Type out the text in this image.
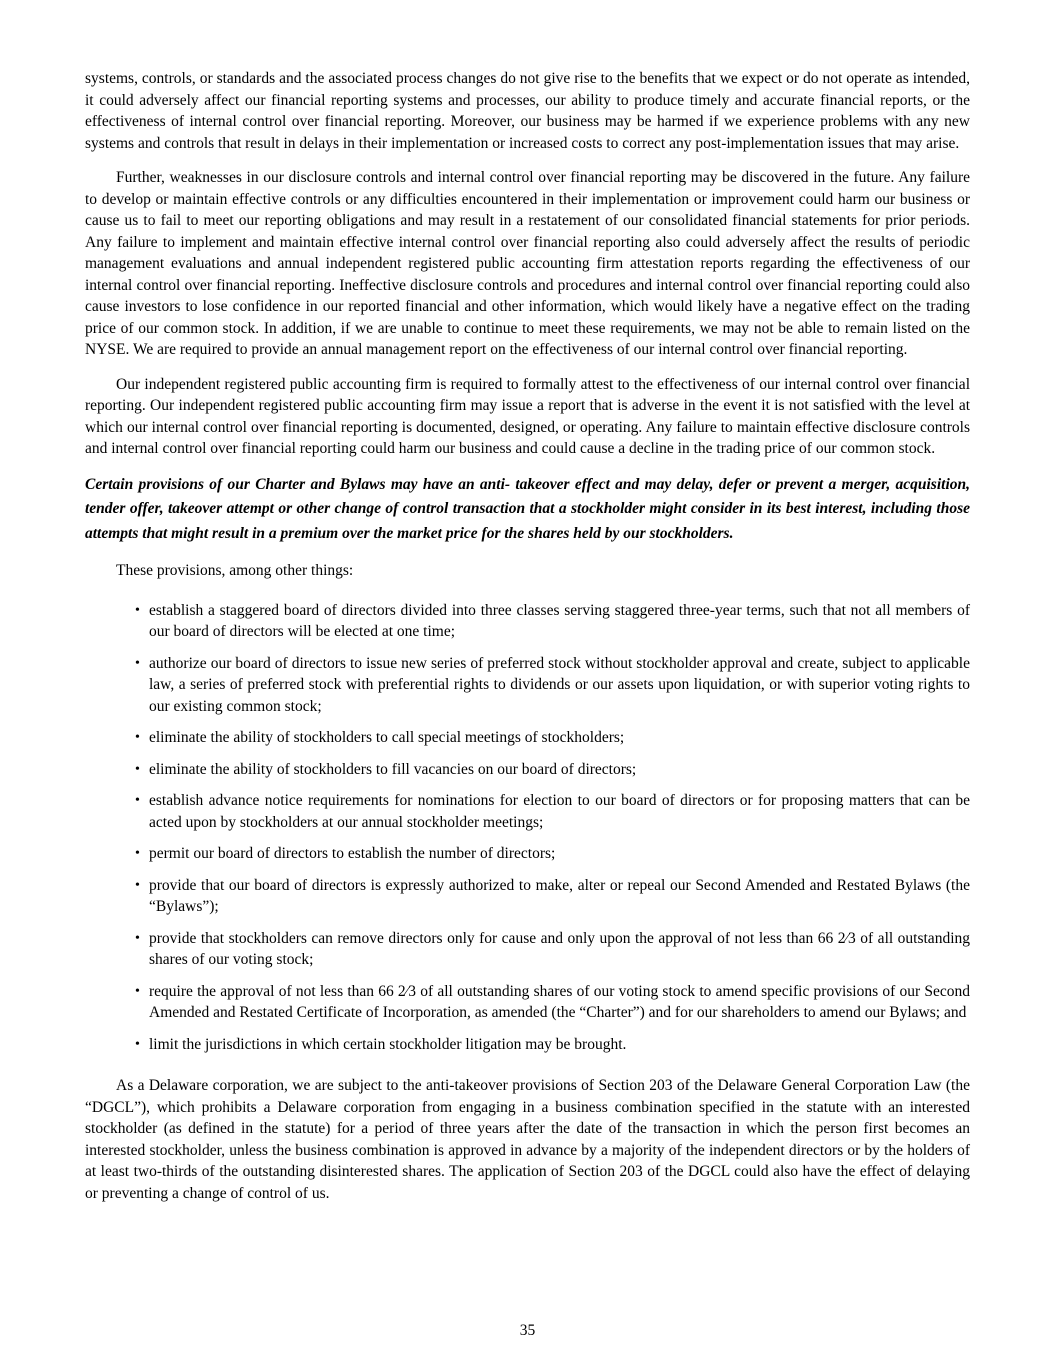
systems, controls, or standards and the associated process changes do not give rise to the benefits that we expect or do not operate as intended, it could adversely affect our financial reporting systems and processes, our ability to produce timely and accurate financial reports, or the effectiveness of internal control over financial reporting. Moreover, our business may be harmed if we experience problems with any new systems and controls that result in delays in their implementation or increased costs to correct any post-implementation issues that may arise.

Further, weaknesses in our disclosure controls and internal control over financial reporting may be discovered in the future. Any failure to develop or maintain effective controls or any difficulties encountered in their implementation or improvement could harm our business or cause us to fail to meet our reporting obligations and may result in a restatement of our consolidated financial statements for prior periods. Any failure to implement and maintain effective internal control over financial reporting also could adversely affect the results of periodic management evaluations and annual independent registered public accounting firm attestation reports regarding the effectiveness of our internal control over financial reporting. Ineffective disclosure controls and procedures and internal control over financial reporting could also cause investors to lose confidence in our reported financial and other information, which would likely have a negative effect on the trading price of our common stock. In addition, if we are unable to continue to meet these requirements, we may not be able to remain listed on the NYSE. We are required to provide an annual management report on the effectiveness of our internal control over financial reporting.

Our independent registered public accounting firm is required to formally attest to the effectiveness of our internal control over financial reporting. Our independent registered public accounting firm may issue a report that is adverse in the event it is not satisfied with the level at which our internal control over financial reporting is documented, designed, or operating. Any failure to maintain effective disclosure controls and internal control over financial reporting could harm our business and could cause a decline in the trading price of our common stock.

Certain provisions of our Charter and Bylaws may have an anti- takeover effect and may delay, defer or prevent a merger, acquisition, tender offer, takeover attempt or other change of control transaction that a stockholder might consider in its best interest, including those attempts that might result in a premium over the market price for the shares held by our stockholders.

These provisions, among other things:

• establish a staggered board of directors divided into three classes serving staggered three-year terms, such that not all members of our board of directors will be elected at one time;
• authorize our board of directors to issue new series of preferred stock without stockholder approval and create, subject to applicable law, a series of preferred stock with preferential rights to dividends or our assets upon liquidation, or with superior voting rights to our existing common stock;
• eliminate the ability of stockholders to call special meetings of stockholders;
• eliminate the ability of stockholders to fill vacancies on our board of directors;
• establish advance notice requirements for nominations for election to our board of directors or for proposing matters that can be acted upon by stockholders at our annual stockholder meetings;
• permit our board of directors to establish the number of directors;
• provide that our board of directors is expressly authorized to make, alter or repeal our Second Amended and Restated Bylaws (the “Bylaws”);
• provide that stockholders can remove directors only for cause and only upon the approval of not less than 66 2⁄3 of all outstanding shares of our voting stock;
• require the approval of not less than 66 2⁄3 of all outstanding shares of our voting stock to amend specific provisions of our Second Amended and Restated Certificate of Incorporation, as amended (the “Charter”) and for our shareholders to amend our Bylaws; and
• limit the jurisdictions in which certain stockholder litigation may be brought.

As a Delaware corporation, we are subject to the anti-takeover provisions of Section 203 of the Delaware General Corporation Law (the “DGCL”), which prohibits a Delaware corporation from engaging in a business combination specified in the statute with an interested stockholder (as defined in the statute) for a period of three years after the date of the transaction in which the person first becomes an interested stockholder, unless the business combination is approved in advance by a majority of the independent directors or by the holders of at least two-thirds of the outstanding disinterested shares. The application of Section 203 of the DGCL could also have the effect of delaying or preventing a change of control of us.

35
